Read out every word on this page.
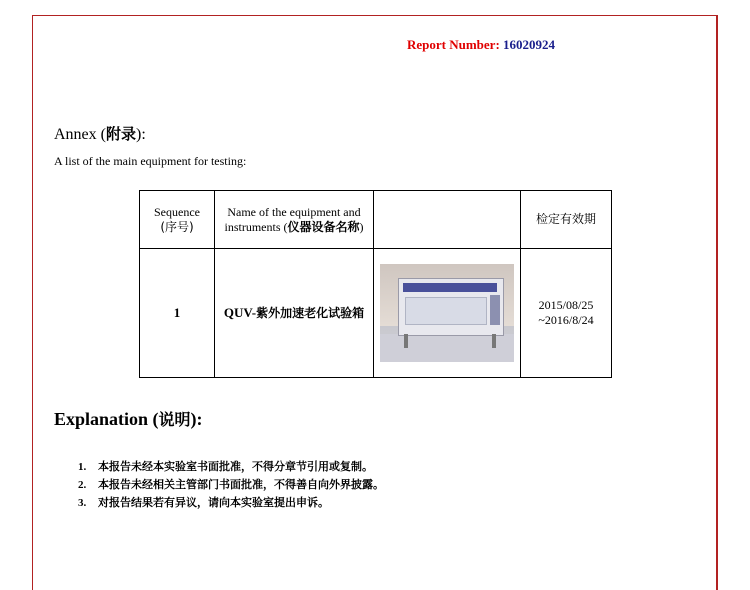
Report Number: 16020924
Annex (附录):
A list of the main equipment for testing:
Sequence
(序号)	Name of the equipment and instruments (仪器设备名称)		检定有效期
1	QUV-紫外加速老化试验箱		2015/08/25
~2016/8/24
Explanation (说明):
1. 本报告未经本实验室书面批准，不得分章节引用或复制。
2. 本报告未经相关主管部门书面批准，不得善自向外界披露。
3. 对报告结果若有异议，请向本实验室提出申诉。
